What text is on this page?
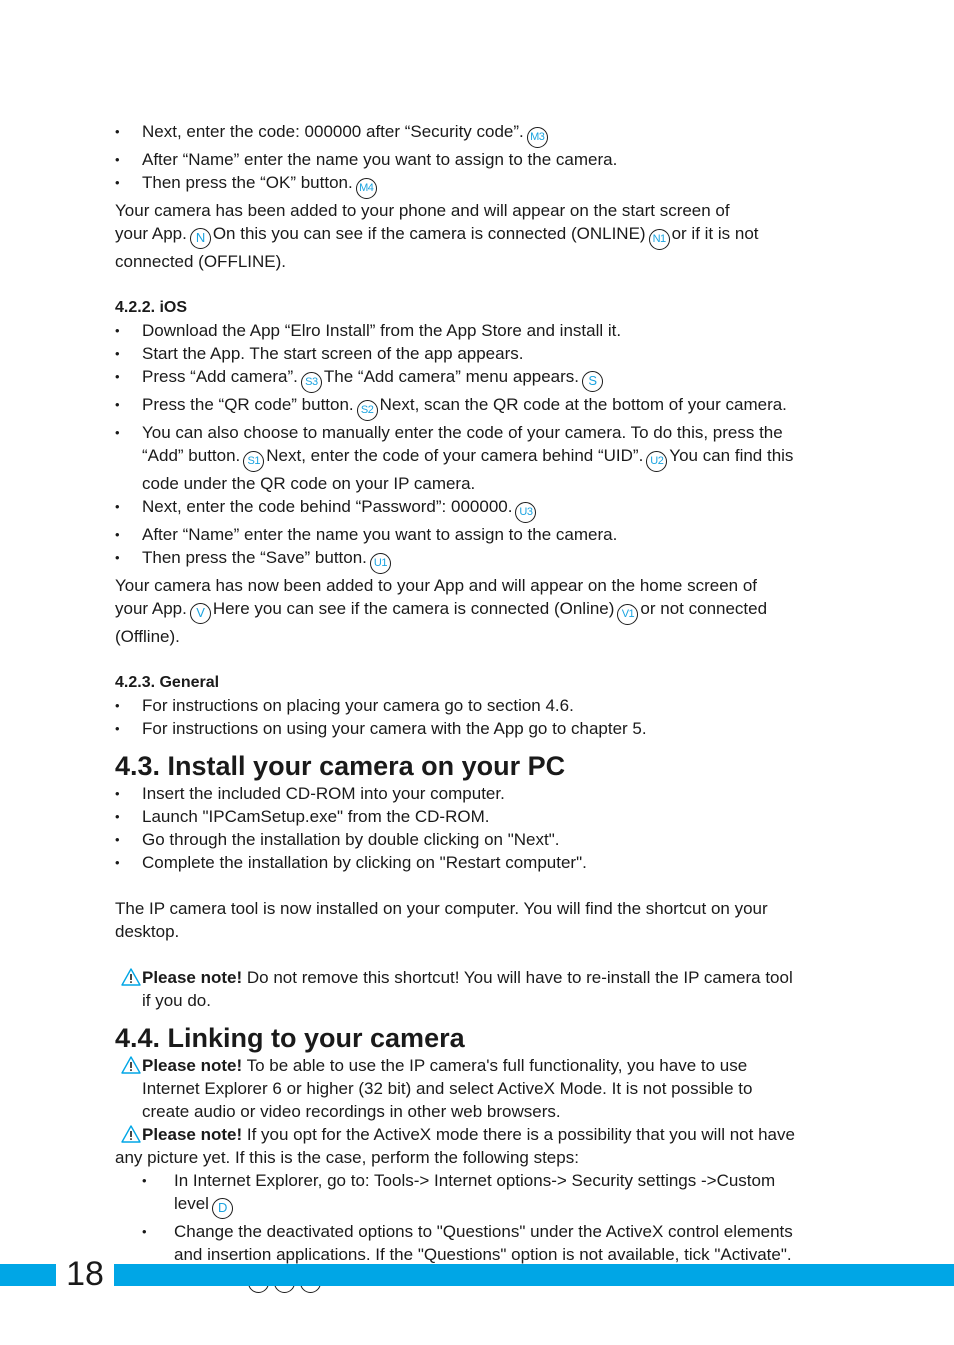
• Next, enter the code: 000000 after “Security code”. M3
• After “Name” enter the name you want to assign to the camera.
• Then press the “OK” button. M4
Your camera has been added to your phone and will appear on the start screen of
your App. N On this you can see if the camera is connected (ONLINE) N1 or if it is not
connected (OFFLINE).
4.2.2. iOS
• Download the App “Elro Install” from the App Store and install it.
• Start the App. The start screen of the app appears.
• Press “Add camera”. S3 The “Add camera” menu appears. S
• Press the “QR code” button. S2 Next, scan the QR code at the bottom of your camera.
• You can also choose to manually enter the code of your camera. To do this, press the
“Add” button. S1 Next, enter the code of your camera behind “UID”. U2 You can find this
code under the QR code on your IP camera.
• Next, enter the code behind “Password”: 000000. U3
• After “Name” enter the name you want to assign to the camera.
• Then press the “Save” button. U1
Your camera has now been added to your App and will appear on the home screen of
your App. V Here you can see if the camera is connected (Online) V1 or not connected
(Offline).
4.2.3. General
• For instructions on placing your camera go to section 4.6.
• For instructions on using your camera with the App go to chapter 5.
4.3. Install your camera on your PC
• Insert the included CD-ROM into your computer.
• Launch "IPCamSetup.exe" from the CD-ROM.
• Go through the installation by double clicking on "Next".
• Complete the installation by clicking on "Restart computer".
The IP camera tool is now installed on your computer. You will find the shortcut on your
desktop.
Please note! Do not remove this shortcut! You will have to re-install the IP camera tool
if you do.
4.4. Linking to your camera
Please note! To be able to use the IP camera's full functionality, you have to use
Internet Explorer 6 or higher (32 bit) and select ActiveX Mode. It is not possible to
create audio or video recordings in other web browsers.
Please note! If you opt for the ActiveX mode there is a possibility that you will not have
any picture yet. If this is the case, perform the following steps:
• In Internet Explorer, go to: Tools-> Internet options-> Security settings ->Custom
level D
• Change the deactivated options to "Questions" under the ActiveX control elements
and insertion applications. If the "Questions" option is not available, tick "Activate".
18
